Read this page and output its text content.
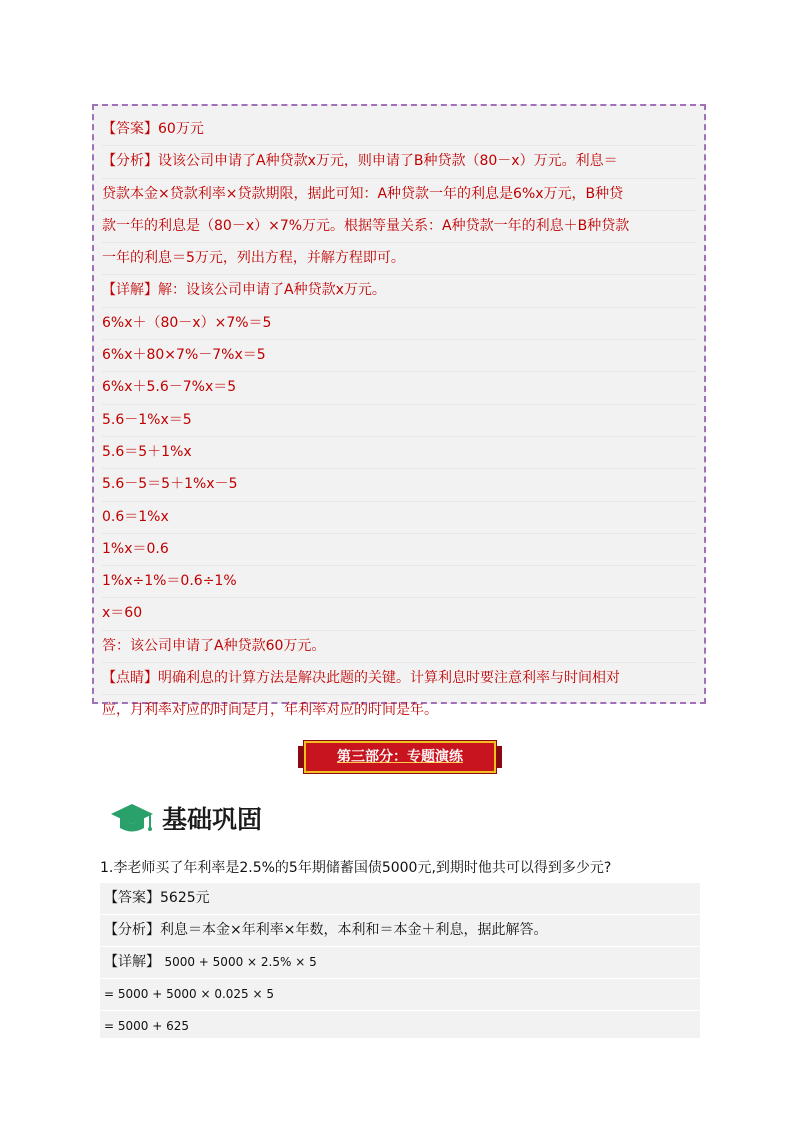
【答案】60万元
【分析】设该公司申请了A种贷款x万元，则申请了B种贷款（80－x）万元。利息＝
贷款本金×贷款利率×贷款期限，据此可知：A种贷款一年的利息是6%x万元，B种贷
款一年的利息是（80－x）×7%万元。根据等量关系：A种贷款一年的利息＋B种贷款
一年的利息＝5万元，列出方程，并解方程即可。
【详解】解：设该公司申请了A种贷款x万元。
6%x＋（80－x）×7%＝5
6%x＋80×7%－7%x＝5
6%x＋5.6－7%x＝5
5.6－1%x＝5
5.6＝5＋1%x
5.6－5＝5＋1%x－5
0.6＝1%x
1%x＝0.6
1%x÷1%＝0.6÷1%
x＝60
答：该公司申请了A种贷款60万元。
【点睛】明确利息的计算方法是解决此题的关键。计算利息时要注意利率与时间相对
应，月利率对应的时间是月，年利率对应的时间是年。
第三部分：专题演练
基础巩固
1.李老师买了年利率是2.5%的5年期储蓄国债5000元,到期时他共可以得到多少元?
【答案】5625元
【分析】利息＝本金×年利率×年数，本利和＝本金＋利息，据此解答。
【详解】 5000 + 5000 × 2.5% × 5
= 5000 + 5000 × 0.025 × 5
= 5000 + 625
